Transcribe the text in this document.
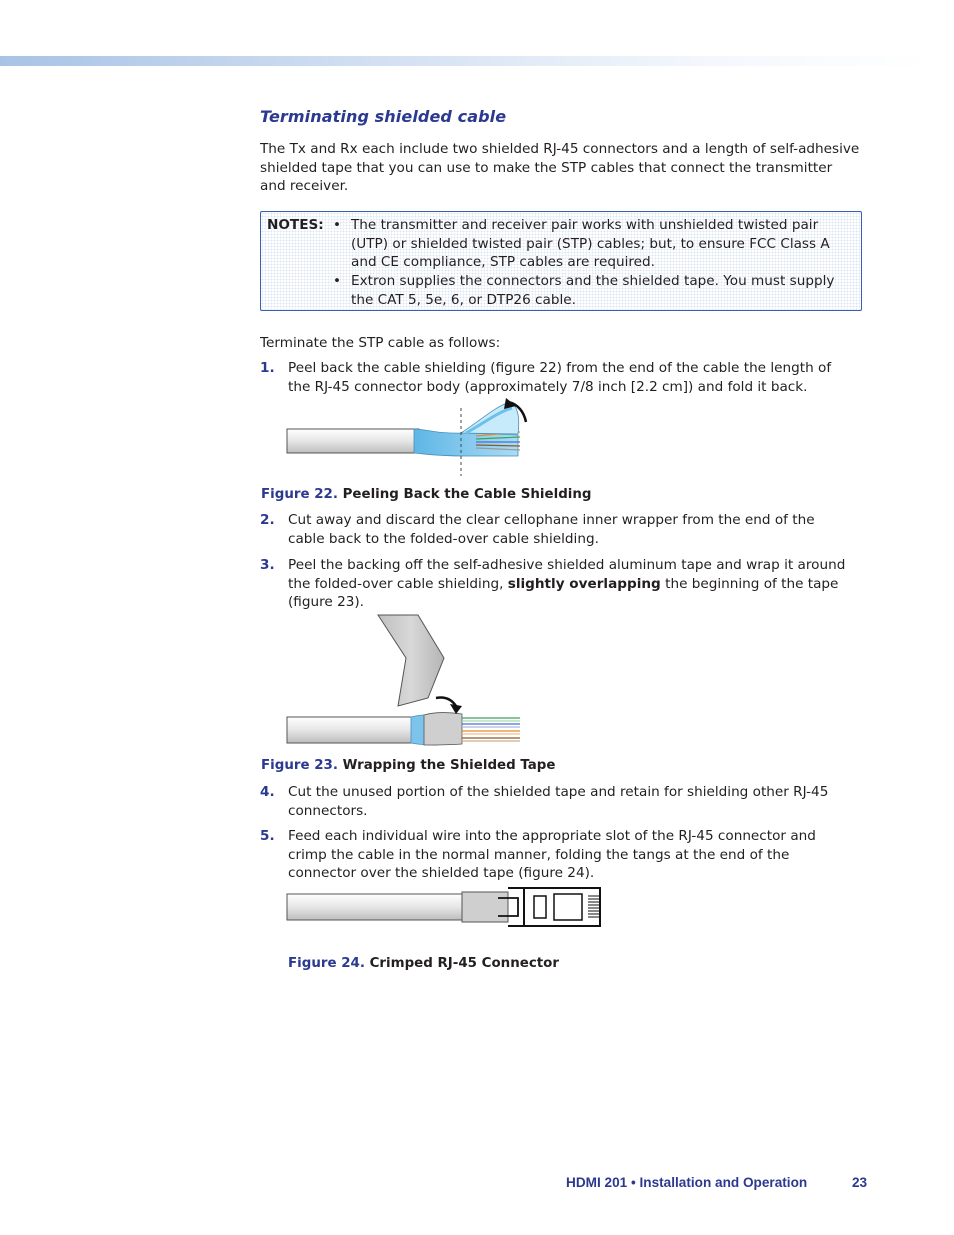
Terminating shielded cable
The Tx and Rx each include two shielded RJ-45 connectors and a length of self-adhesive shielded tape that you can use to make the STP cables that connect the transmitter and receiver.
NOTES: • The transmitter and receiver pair works with unshielded twisted pair (UTP) or shielded twisted pair (STP) cables; but, to ensure FCC Class A and CE compliance, STP cables are required.
• Extron supplies the connectors and the shielded tape. You must supply the CAT 5, 5e, 6, or DTP26 cable.
Terminate the STP cable as follows:
1. Peel back the cable shielding (figure 22) from the end of the cable the length of the RJ-45 connector body (approximately 7/8 inch [2.2 cm]) and fold it back.
Figure 22. Peeling Back the Cable Shielding
2. Cut away and discard the clear cellophane inner wrapper from the end of the cable back to the folded-over cable shielding.
3. Peel the backing off the self-adhesive shielded aluminum tape and wrap it around the folded-over cable shielding, slightly overlapping the beginning of the tape (figure 23).
Figure 23. Wrapping the Shielded Tape
4. Cut the unused portion of the shielded tape and retain for shielding other RJ-45 connectors.
5. Feed each individual wire into the appropriate slot of the RJ-45 connector and crimp the cable in the normal manner, folding the tangs at the end of the connector over the shielded tape (figure 24).
Figure 24. Crimped RJ-45 Connector
HDMI 201 • Installation and Operation	23
